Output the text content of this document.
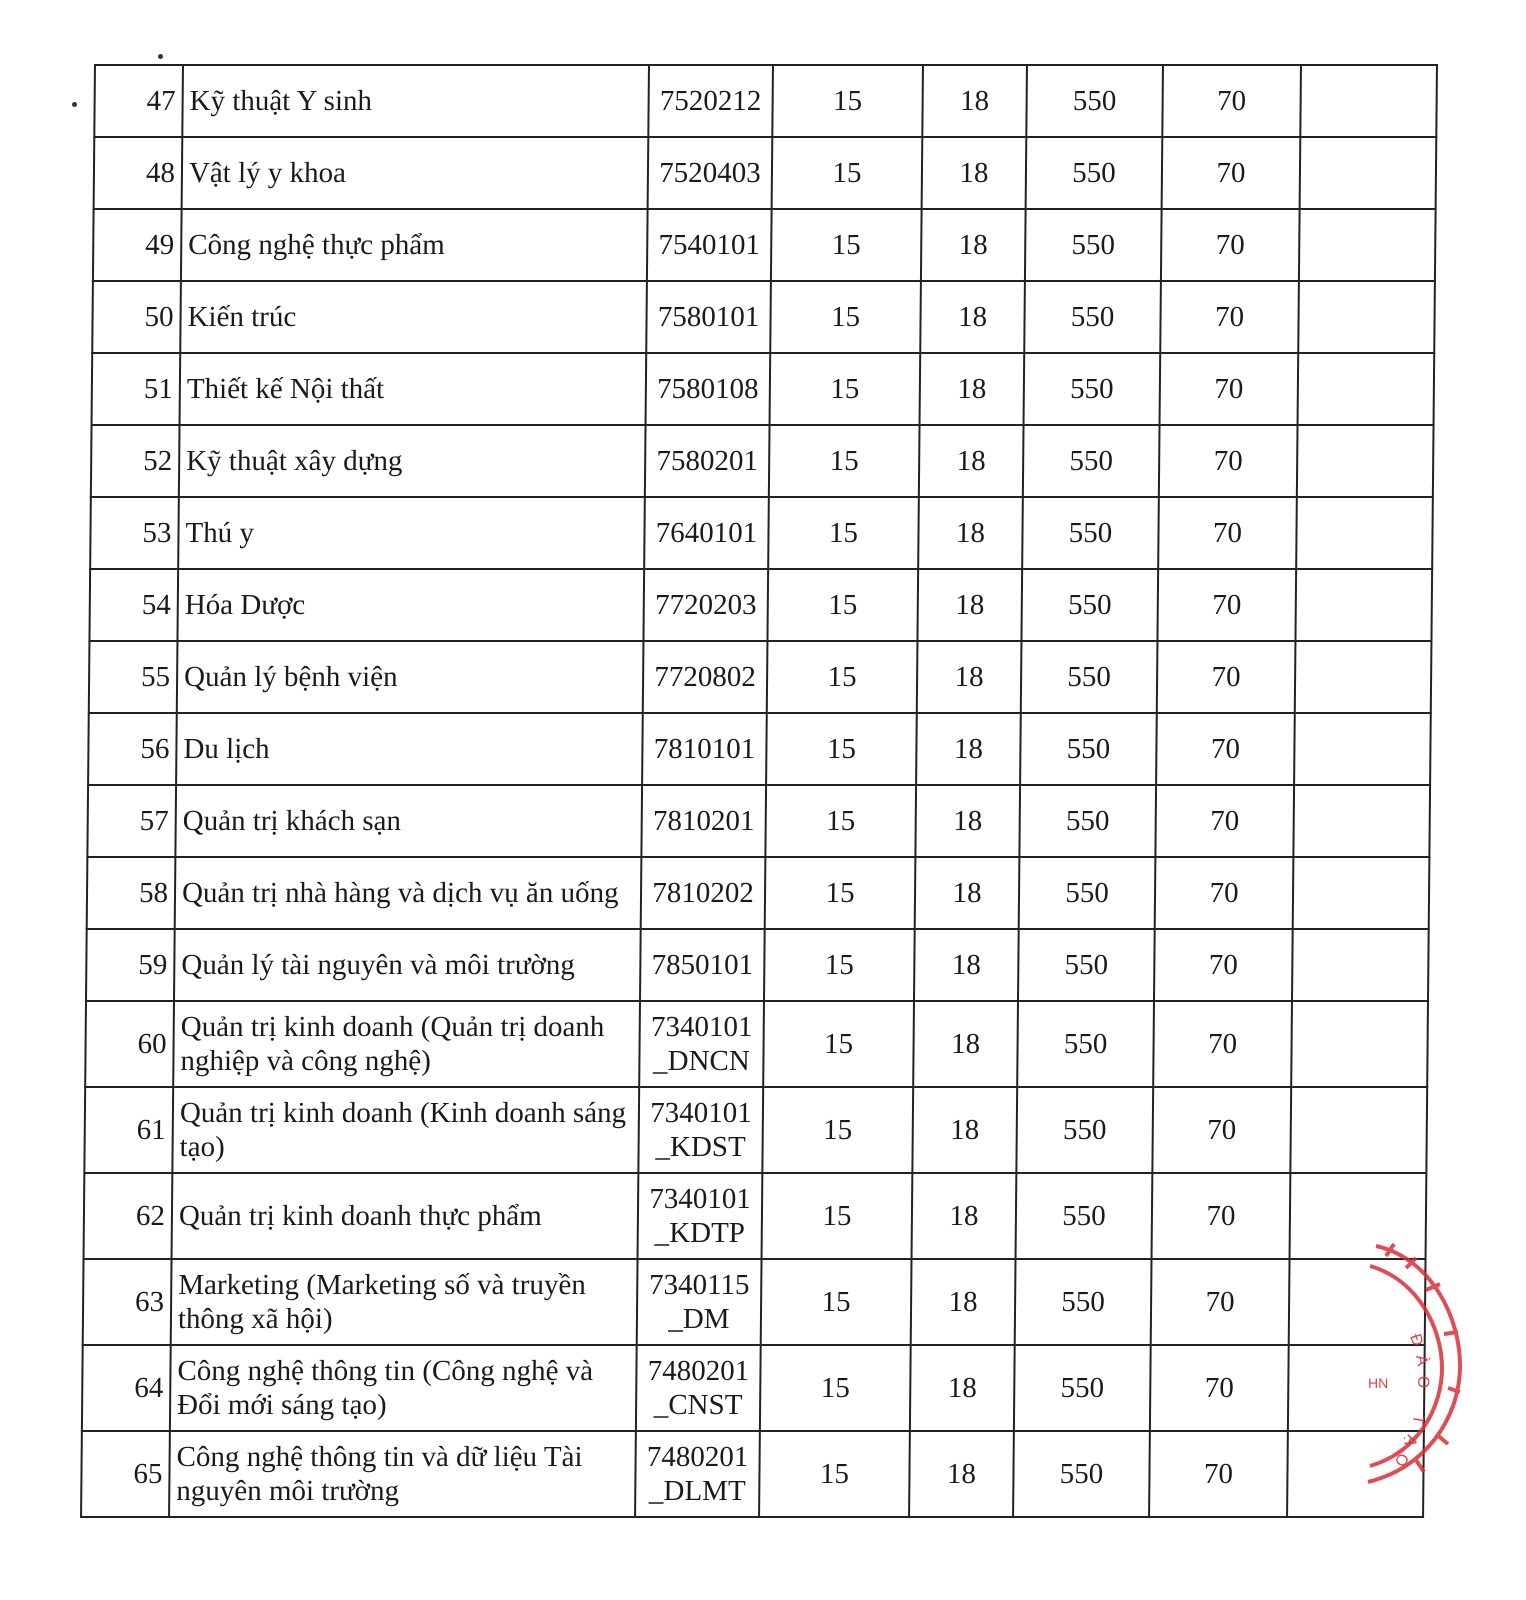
47	Kỹ thuật Y sinh	7520212	15	18	550	70	
48	Vật lý y khoa	7520403	15	18	550	70	
49	Công nghệ thực phẩm	7540101	15	18	550	70	
50	Kiến trúc	7580101	15	18	550	70	
51	Thiết kế Nội thất	7580108	15	18	550	70	
52	Kỹ thuật xây dựng	7580201	15	18	550	70	
53	Thú y	7640101	15	18	550	70	
54	Hóa Dược	7720203	15	18	550	70	
55	Quản lý bệnh viện	7720802	15	18	550	70	
56	Du lịch	7810101	15	18	550	70	
57	Quản trị khách sạn	7810201	15	18	550	70	
58	Quản trị nhà hàng và dịch vụ ăn uống	7810202	15	18	550	70	
59	Quản lý tài nguyên và môi trường	7850101	15	18	550	70	
60	Quản trị kinh doanh (Quản trị doanh nghiệp và công nghệ)	7340101 _DNCN	15	18	550	70	
61	Quản trị kinh doanh (Kinh doanh sáng tạo)	7340101 _KDST	15	18	550	70	
62	Quản trị kinh doanh thực phẩm	7340101 _KDTP	15	18	550	70	
63	Marketing (Marketing số và truyền thông xã hội)	7340115 _DM	15	18	550	70	
64	Công nghệ thông tin (Công nghệ và Đổi mới sáng tạo)	7480201 _CNST	15	18	550	70	
65	Công nghệ thông tin và dữ liệu Tài nguyên môi trường	7480201 _DLMT	15	18	550	70	
Đ
À
O
HN
T
Ạ
O
